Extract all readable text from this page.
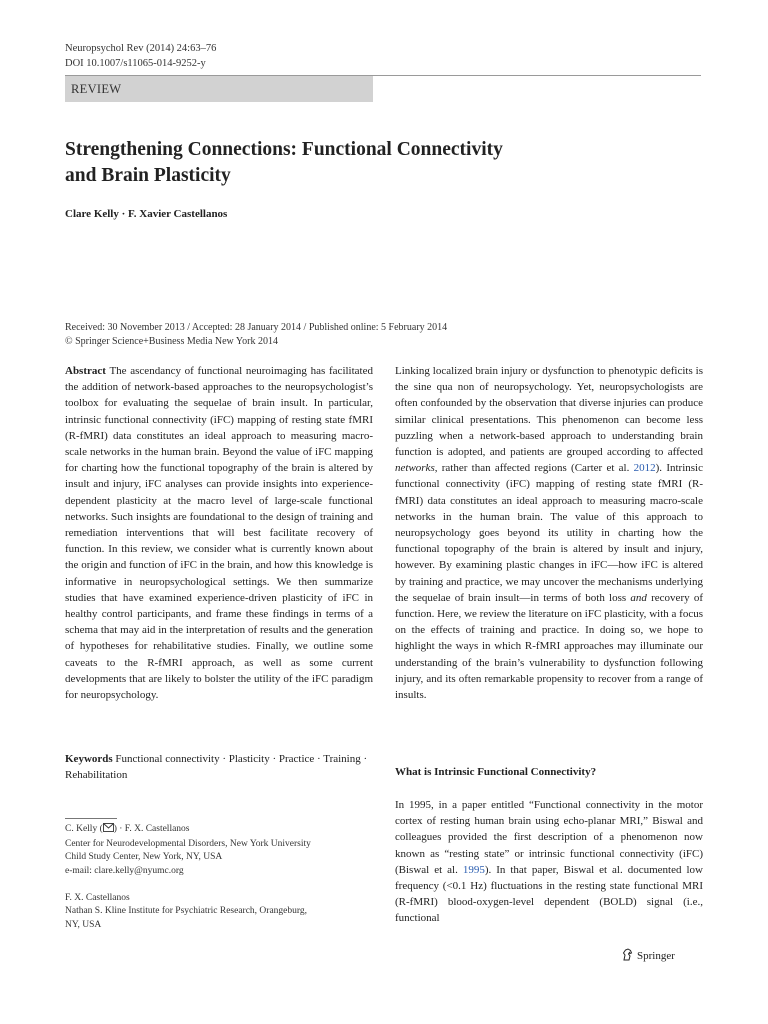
Neuropsychol Rev (2014) 24:63–76
DOI 10.1007/s11065-014-9252-y
REVIEW
Strengthening Connections: Functional Connectivity
and Brain Plasticity
Clare Kelly · F. Xavier Castellanos
Received: 30 November 2013 / Accepted: 28 January 2014 / Published online: 5 February 2014
© Springer Science+Business Media New York 2014

Abstract The ascendancy of functional neuroimaging has facilitated the addition of network-based approaches to the neuropsychologist’s toolbox for evaluating the sequelae of brain insult. In particular, intrinsic functional connectivity (iFC) mapping of resting state fMRI (R-fMRI) data constitutes an ideal approach to measuring macro-scale networks in the human brain. Beyond the value of iFC mapping for charting how the functional topography of the brain is altered by insult and injury, iFC analyses can provide insights into experience-dependent plasticity at the macro level of large-scale functional networks. Such insights are foundational to the design of training and remediation interventions that will best facilitate recovery of function. In this review, we consider what is currently known about the origin and function of iFC in the brain, and how this knowledge is informative in neuropsychological settings. We then summarize studies that have examined experience-driven plasticity of iFC in healthy control participants, and frame these findings in terms of a schema that may aid in the interpretation of results and the generation of hypotheses for rehabilitative studies. Finally, we outline some caveats to the R-fMRI approach, as well as some current developments that are likely to bolster the utility of the iFC paradigm for neuropsychology.

Keywords Functional connectivity · Plasticity · Practice · Training · Rehabilitation
C. Kelly ( ) · F. X. Castellanos
Center for Neurodevelopmental Disorders, New York University
Child Study Center, New York, NY, USA
e-mail: clare.kelly@nyumc.org
F. X. Castellanos
Nathan S. Kline Institute for Psychiatric Research, Orangeburg,
NY, USA

Linking localized brain injury or dysfunction to phenotypic deficits is the sine qua non of neuropsychology. Yet, neuropsychologists are often confounded by the observation that diverse injuries can produce similar clinical presentations. This phenomenon can become less puzzling when a network-based approach to understanding brain function is adopted, and patients are grouped according to affected networks, rather than affected regions (Carter et al. 2012). Intrinsic functional connectivity (iFC) mapping of resting state fMRI (R-fMRI) data constitutes an ideal approach to measuring macro-scale networks in the human brain. The value of this approach to neuropsychology goes beyond its utility in charting how the functional topography of the brain is altered by insult and injury, however. By examining plastic changes in iFC—how iFC is altered by training and practice, we may uncover the mechanisms underlying the sequelae of brain insult—in terms of both loss and recovery of function. Here, we review the literature on iFC plasticity, with a focus on the effects of training and practice. In doing so, we hope to highlight the ways in which R-fMRI approaches may illuminate our understanding of the brain’s vulnerability to dysfunction following injury, and its often remarkable propensity to recover from a range of insults.

What is Intrinsic Functional Connectivity?

In 1995, in a paper entitled “Functional connectivity in the motor cortex of resting human brain using echo-planar MRI,” Biswal and colleagues provided the first description of a phenomenon now known as “resting state” or intrinsic functional connectivity (iFC) (Biswal et al. 1995). In that paper, Biswal et al. documented low frequency (<0.1 Hz) fluctuations in the resting state functional MRI (R-fMRI) blood-oxygen-level dependent (BOLD) signal (i.e., functional

Springer
